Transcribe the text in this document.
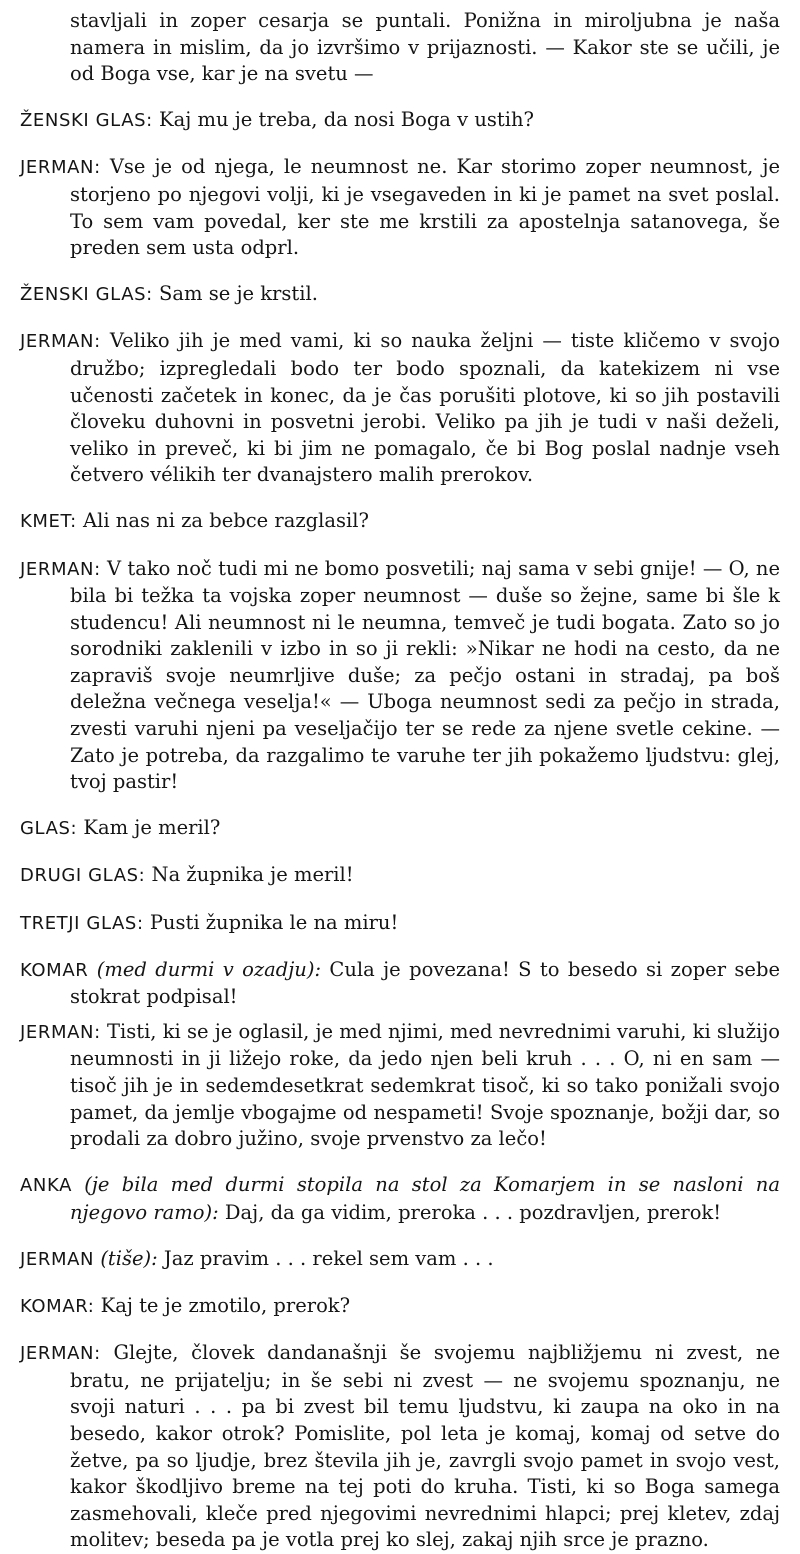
stavljali in zoper cesarja se puntali. Ponižna in miroljubna je naša namera in mislim, da jo izvršimo v prijaznosti. — Kakor ste se učili, je od Boga vse, kar je na svetu —

ŽENSKI GLAS: Kaj mu je treba, da nosi Boga v ustih?

JERMAN: Vse je od njega, le neumnost ne. Kar storimo zoper neumnost, je storjeno po njegovi volji, ki je vsegaveden in ki je pamet na svet poslal. To sem vam povedal, ker ste me krstili za apostelnja satanovega, še preden sem usta odprl.

ŽENSKI GLAS: Sam se je krstil.

JERMAN: Veliko jih je med vami, ki so nauka željni — tiste kličemo v svojo družbo; izpregledali bodo ter bodo spoznali, da katekizem ni vse učenosti začetek in konec, da je čas porušiti plotove, ki so jih postavili človeku duhovni in posvetni jerobi. Veliko pa jih je tudi v naši deželi, veliko in preveč, ki bi jim ne pomagalo, če bi Bog poslal nadnje vseh četvero vélikih ter dvanajstero malih prerokov.

KMET: Ali nas ni za bebce razglasil?

JERMAN: V tako noč tudi mi ne bomo posvetili; naj sama v sebi gnije! — O, ne bila bi težka ta vojska zoper neumnost — duše so žejne, same bi šle k studencu! Ali neumnost ni le neumna, temveč je tudi bogata. Zato so jo sorodniki zaklenili v izbo in so ji rekli: »Nikar ne hodi na cesto, da ne zapraviš svoje neumrljive duše; za pečjo ostani in stradaj, pa boš deležna večnega veselja!« — Uboga neumnost sedi za pečjo in strada, zvesti varuhi njeni pa veseljačijo ter se rede za njene svetle cekine. — Zato je potreba, da razgalimo te varuhe ter jih pokažemo ljudstvu: glej, tvoj pastir!

GLAS: Kam je meril?

DRUGI GLAS: Na župnika je meril!

TRETJI GLAS: Pusti župnika le na miru!

KOMAR (med durmi v ozadju): Cula je povezana! S to besedo si zoper sebe stokrat podpisal!

JERMAN: Tisti, ki se je oglasil, je med njimi, med nevrednimi varuhi, ki služijo neumnosti in ji ližejo roke, da jedo njen beli kruh . . . O, ni en sam — tisoč jih je in sedemdesetkrat sedemkrat tisoč, ki so tako ponižali svojo pamet, da jemlje vbogajme od nespameti! Svoje spoznanje, božji dar, so prodali za dobro južino, svoje prvenstvo za lečo!

ANKA (je bila med durmi stopila na stol za Komarjem in se nasloni na njegovo ramo): Daj, da ga vidim, preroka . . . pozdravljen, prerok!

JERMAN (tiše): Jaz pravim . . . rekel sem vam . . .

KOMAR: Kaj te je zmotilo, prerok?

JERMAN: Glejte, človek dandanašnji še svojemu najbližjemu ni zvest, ne bratu, ne prijatelju; in še sebi ni zvest — ne svojemu spoznanju, ne svoji naturi . . . pa bi zvest bil temu ljudstvu, ki zaupa na oko in na besedo, kakor otrok? Pomislite, pol leta je komaj, komaj od setve do žetve, pa so ljudje, brez števila jih je, zavrgli svojo pamet in svojo vest, kakor škodljivo breme na tej poti do kruha. Tisti, ki so Boga samega zasmehovali, kleče pred njegovimi nevrednimi hlapci; prej kletev, zdaj molitev; beseda pa je votla prej ko slej, zakaj njih srce je prazno.
